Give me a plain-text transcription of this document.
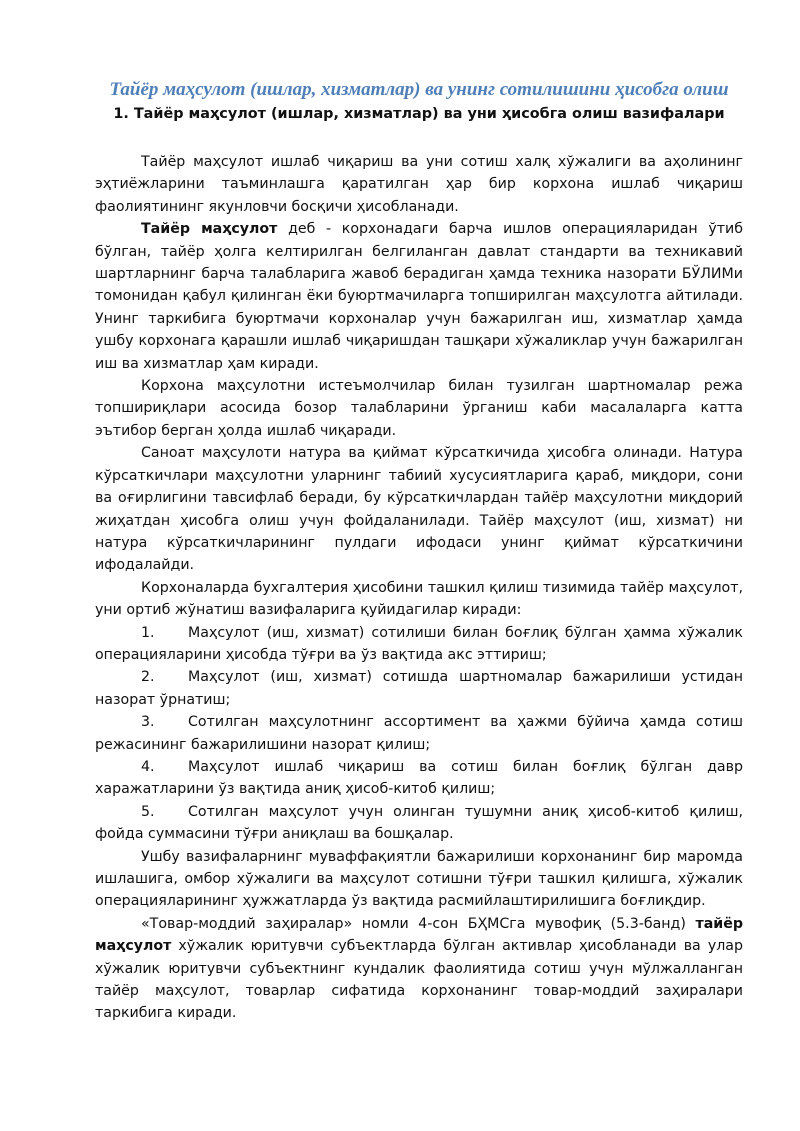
Тайёр маҳсулот (ишлар, хизматлар) ва унинг сотилишини ҳисобга олиш
1. Тайёр маҳсулот (ишлар, хизматлар) ва уни ҳисобга олиш вазифалари

Тайёр маҳсулот ишлаб чиқариш ва уни сотиш халқ хўжалиги ва аҳолининг эҳтиёжларини таъминлашга қаратилган ҳар бир корхона ишлаб чиқариш фаолиятининг якунловчи босқичи ҳисобланади.

Тайёр маҳсулот деб - корхонадаги барча ишлов операцияларидан ўтиб бўлган, тайёр ҳолга келтирилган белгиланган давлат стандарти ва техникавий шартларнинг барча талабларига жавоб берадиган ҳамда техника назорати БЎЛИМи томонидан қабул қилинган ёки буюртмачиларга топширилган маҳсулотга айтилади. Унинг таркибига буюртмачи корхоналар учун бажарилган иш, хизматлар ҳамда ушбу корхонага қарашли ишлаб чиқаришдан ташқари хўжаликлар учун бажарилган иш ва хизматлар ҳам киради.

Корхона маҳсулотни истеъмолчилар билан тузилган шартномалар режа топшириқлари асосида бозор талабларини ўрганиш каби масалаларга катта эътибор берган ҳолда ишлаб чиқаради.

Саноат маҳсулоти натура ва қиймат кўрсаткичида ҳисобга олинади. Натура кўрсаткичлари маҳсулотни уларнинг табиий хусусиятларига қараб, миқдори, сони ва оғирлигини тавсифлаб беради, бу кўрсаткичлардан тайёр маҳсулотни миқдорий жиҳатдан ҳисобга олиш учун фойдаланилади. Тайёр маҳсулот (иш, хизмат) ни натура кўрсаткичларининг пулдаги ифодаси унинг қиймат кўрсаткичини ифодалайди.

Корхоналарда бухгалтерия ҳисобини ташкил қилиш тизимида тайёр маҳсулот, уни ортиб жўнатиш вазифаларига қуйидагилар киради:

1. Маҳсулот (иш, хизмат) сотилиши билан боғлиқ бўлган ҳамма хўжалик операцияларини ҳисобда тўғри ва ўз вақтида акс эттириш;

2. Маҳсулот (иш, хизмат) сотишда шартномалар бажарилиши устидан назорат ўрнатиш;

3. Сотилган маҳсулотнинг ассортимент ва ҳажми бўйича ҳамда сотиш режасининг бажарилишини назорат қилиш;

4. Маҳсулот ишлаб чиқариш ва сотиш билан боғлиқ бўлган давр харажатларини ўз вақтида аниқ ҳисоб-китоб қилиш;

5. Сотилган маҳсулот учун олинган тушумни аниқ ҳисоб-китоб қилиш, фойда суммасини тўғри аниқлаш ва бошқалар.

Ушбу вазифаларнинг муваффақиятли бажарилиши корхонанинг бир маромда ишлашига, омбор хўжалиги ва маҳсулот сотишни тўғри ташкил қилишга, хўжалик операцияларининг ҳужжатларда ўз вақтида расмийлаштирилишига боғлиқдир.

«Товар-моддий заҳиралар» номли 4-сон БҲМСга мувофиқ (5.3-банд) тайёр маҳсулот хўжалик юритувчи субъектларда бўлган активлар ҳисобланади ва улар хўжалик юритувчи субъектнинг кундалик фаолиятида сотиш учун мўлжалланган тайёр маҳсулот, товарлар сифатида корхонанинг товар-моддий заҳиралари таркибига киради.
